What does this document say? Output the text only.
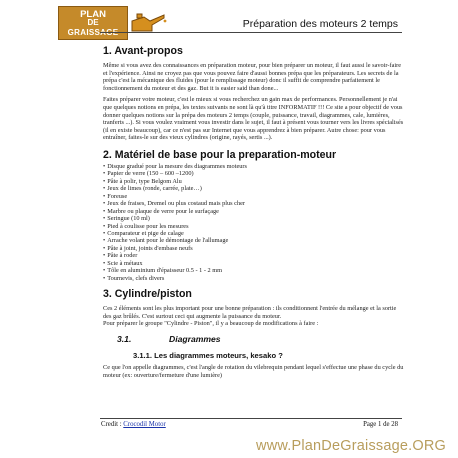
PLAN
DE
GRAISSAGE
Préparation des moteurs 2 temps
1. Avant-propos

Même si vous avez des connaissances en préparation moteur, pour bien préparer un moteur, il faut aussi le savoir-faire et l'expérience. Ainsi ne croyez pas que vous pouvez faire d'aussi bonnes prépa que les préparateurs. Les secrets de la prépa c'est la mécanique des fluides (pour le remplissage moteur) donc il suffit de comprendre parfaitement le fonctionnement du moteur et des gaz. But it is easier said than done...

Faites préparer votre moteur, c'est le mieux si vous recherchez un gain max de performances. Personnellement je n'ai que quelques notions en prépa, les textes suivants ne sont là qu'à titre INFORMATIF !!! Ce site a pour objectif de vous donner quelques notions sur la prépa des moteurs 2 temps (couple, puissance, travail, diagrammes, cale, lumières, tranferts ...). Si vous voulez vraiment vous investir dans le sujet, il faut à présent vous tourner vers les livres spécialisés (il en existe beaucoup), car ce n'est pas sur Internet que vous apprendrez à bien préparer. Autre chose: pour vous entraîner, faites-le sur des vieux cylindres (origine, rayés, sertis ...).

2. Matériel de base pour la preparation-moteur
• Disque gradué pour la mesure des diagrammes moteurs
• Papier de verre (150 – 600 –1200)
• Pâte à polir, type Belgom Alu
• Jeux de limes (ronde, carrée, plate…)
• Foreuse
• Jeux de fraises, Dremel ou plus costaud mais plus cher
• Marbre ou plaque de verre pour le surfaçage
• Seringue (10 ml)
• Pied à coulisse pour les mesures
• Comparateur et pige de calage
• Arrache volant pour le démontage de l'allumage
• Pâte à joint, joints d'embase neufs
• Pâte à roder
• Scie à métaux
• Tôle en aluminium d'épaisseur 0.5 - 1 - 2 mm
• Tournevis, clefs divers
3. Cylindre/piston

Ces 2 éléments sont les plus important pour une bonne préparation : ils conditionnent l'entrée du mélange et la sortie des gaz brûlés. C'est surtout ceci qui augmente la puissance du moteur.

Pour préparer le groupe "Cylindre - Piston", il y a beaucoup de modifications à faire :

3.1.	Diagrammes
3.1.1. Les diagrammes moteurs, kesako ?

Ce que l'on appelle diagrammes, c'est l'angle de rotation du vilebrequin pendant lequel s'effectue une phase du cycle du moteur (ex: ouverture/fermeture d'une lumière)

Credit : Crocodil Motor	Page 1 de 28
www.PlanDeGraissage.ORG
